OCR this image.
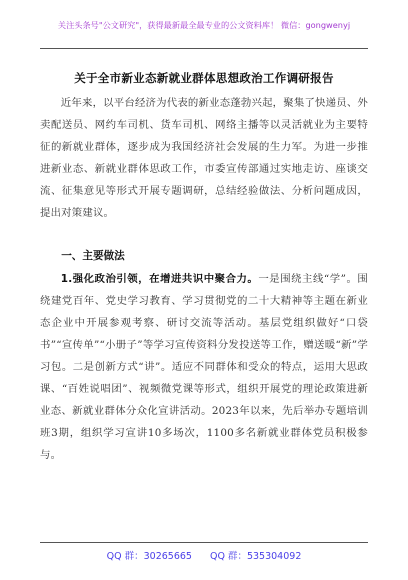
关注头条号"公文研究"，获得最新最全最专业的公文资料库！ 微信：gongwenyj
关于全市新业态新就业群体思想政治工作调研报告
近年来，以平台经济为代表的新业态蓬勃兴起，聚集了快递员、外卖配送员、网约车司机、货车司机、网络主播等以灵活就业为主要特征的新就业群体，逐步成为我国经济社会发展的生力军。为进一步推进新业态、新就业群体思政工作，市委宣传部通过实地走访、座谈交流、征集意见等形式开展专题调研，总结经验做法、分析问题成因，提出对策建议。
一、主要做法
1.强化政治引领，在增进共识中聚合力。一是围绕主线“学”。围绕建党百年、党史学习教育、学习贯彻党的二十大精神等主题在新业态企业中开展参观考察、研讨交流等活动。基层党组织做好“口袋书”“宣传单”“小册子”等学习宣传资料分发投送等工作，赠送暖“新”学习包。二是创新方式“讲”。适应不同群体和受众的特点，运用大思政课、“百姓说唱团”、视频微党课等形式，组织开展党的理论政策进新业态、新就业群体分众化宣讲活动。2023年以来，先后举办专题培训班3期，组织学习宣讲10多场次，1100多名新就业群体党员积极参与。
QQ 群：30265665 QQ 群：535304092
